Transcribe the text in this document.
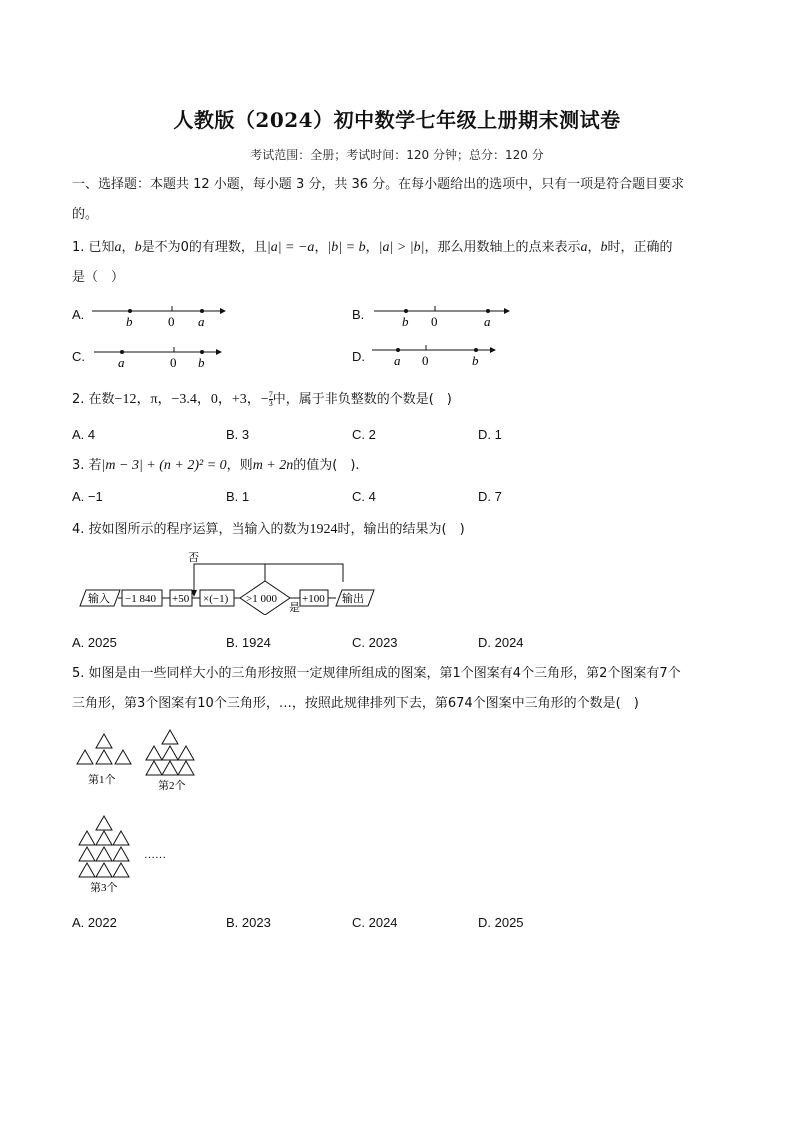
人教版（2024）初中数学七年级上册期末测试卷
考试范围：全册；考试时间：120 分钟；总分：120 分
一、选择题：本题共 12 小题，每小题 3 分，共 36 分。在每小题给出的选项中，只有一项是符合题目要求
的。
1. 已知a，b是不为0的有理数，且|a| = −a，|b| = b，|a| > |b|，那么用数轴上的点来表示a，b时，正确的
是（　）
A.	b	0 a	B.	b 0	a
C.	a	0 b	D. a 0	b
2. 在数−12，π，−3.4，0，+3，− $\frac{7}{3}$ 中，属于非负整数的个数是(　)
A. 4	B. 3	C. 2	D. 1
3. 若|m − 3| + (n + 2)² = 0，则m + 2n的值为(　).
A. −1	B. 1	C. 4	D. 7
4. 按如图所示的程序运算，当输入的数为1924时，输出的结果为(　)
否
输入 −1 840 +50 ×(−1) >1 000
是
+100 输出
A. 2025	B. 1924	C. 2023	D. 2024
5. 如图是由一些同样大小的三角形按照一定规律所组成的图案，第1个图案有4个三角形，第2个图案有7个
三角形，第3个图案有10个三角形，…，按照此规律排列下去，第674个图案中三角形的个数是(　)
第1个	第2个
……
第3个
A. 2022	B. 2023	C. 2024	D. 2025
